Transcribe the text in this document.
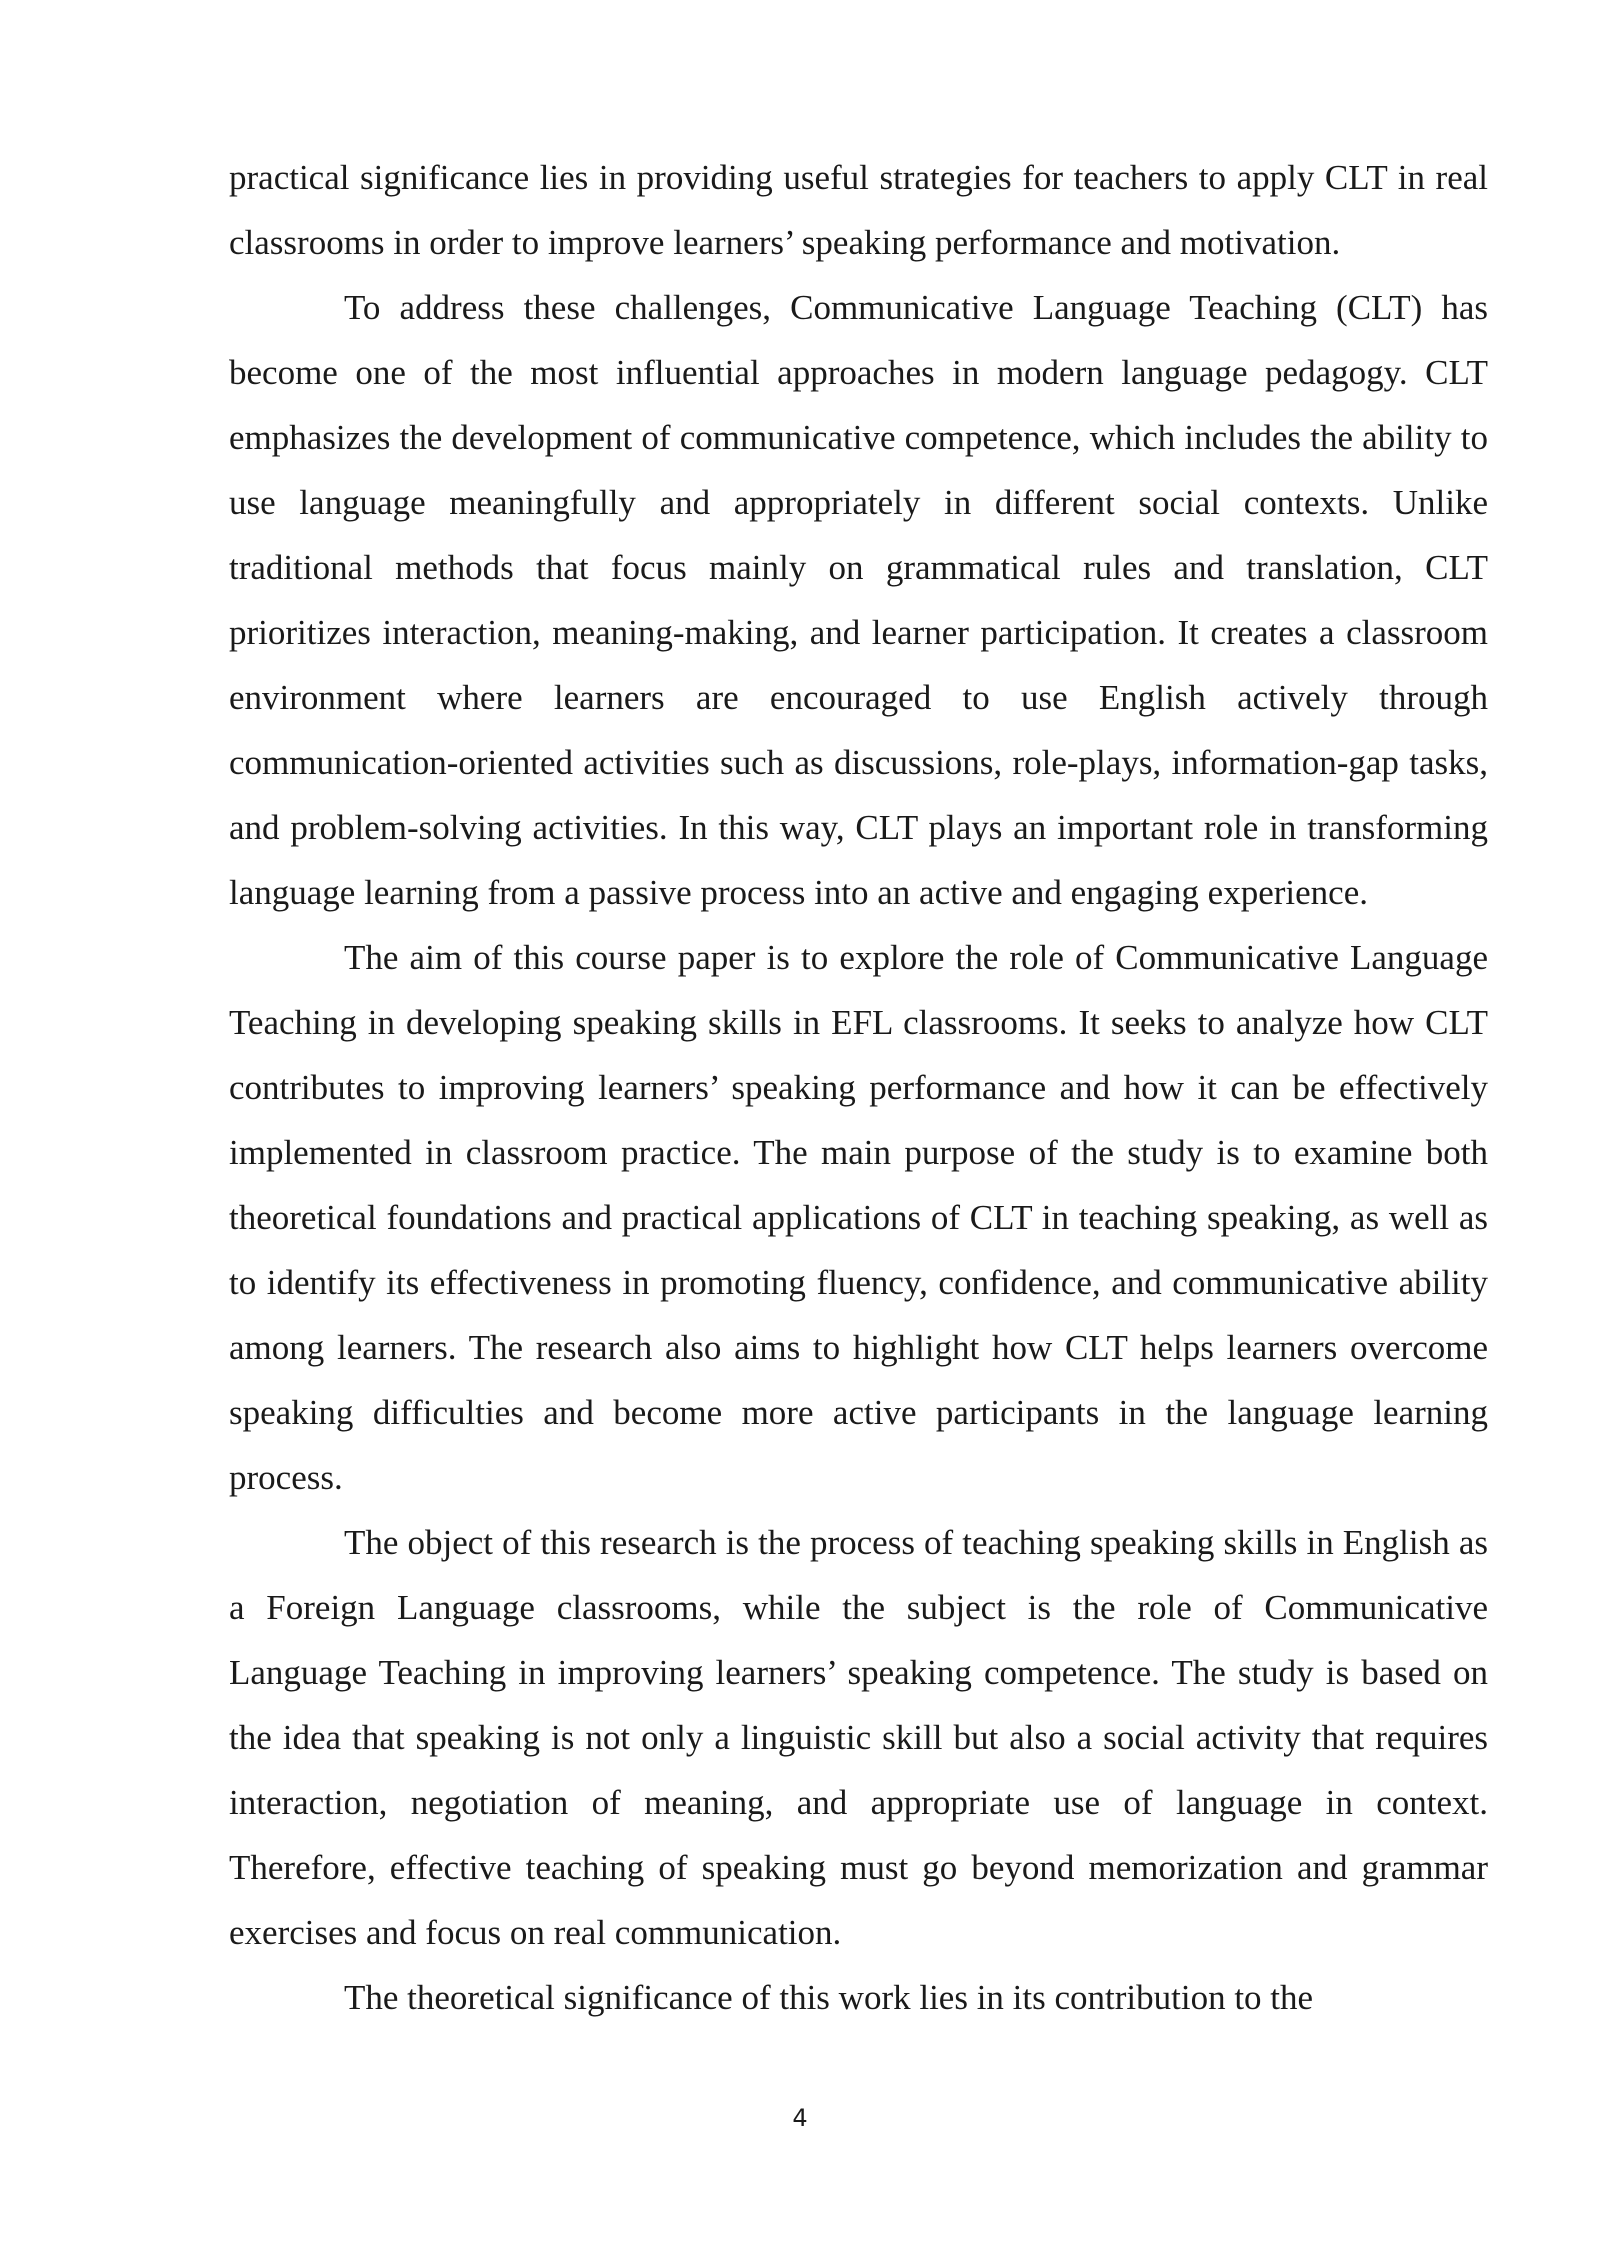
practical significance lies in providing useful strategies for teachers to apply CLT in real classrooms in order to improve learners’ speaking performance and motivation.

To address these challenges, Communicative Language Teaching (CLT) has become one of the most influential approaches in modern language pedagogy. CLT emphasizes the development of communicative competence, which includes the ability to use language meaningfully and appropriately in different social contexts. Unlike traditional methods that focus mainly on grammatical rules and translation, CLT prioritizes interaction, meaning-making, and learner participation. It creates a classroom environment where learners are encouraged to use English actively through communication-oriented activities such as discussions, role-plays, information-gap tasks, and problem-solving activities. In this way, CLT plays an important role in transforming language learning from a passive process into an active and engaging experience.

The aim of this course paper is to explore the role of Communicative Language Teaching in developing speaking skills in EFL classrooms. It seeks to analyze how CLT contributes to improving learners’ speaking performance and how it can be effectively implemented in classroom practice. The main purpose of the study is to examine both theoretical foundations and practical applications of CLT in teaching speaking, as well as to identify its effectiveness in promoting fluency, confidence, and communicative ability among learners. The research also aims to highlight how CLT helps learners overcome speaking difficulties and become more active participants in the language learning process.

The object of this research is the process of teaching speaking skills in English as a Foreign Language classrooms, while the subject is the role of Communicative Language Teaching in improving learners’ speaking competence. The study is based on the idea that speaking is not only a linguistic skill but also a social activity that requires interaction, negotiation of meaning, and appropriate use of language in context. Therefore, effective teaching of speaking must go beyond memorization and grammar exercises and focus on real communication.

The theoretical significance of this work lies in its contribution to the

4
